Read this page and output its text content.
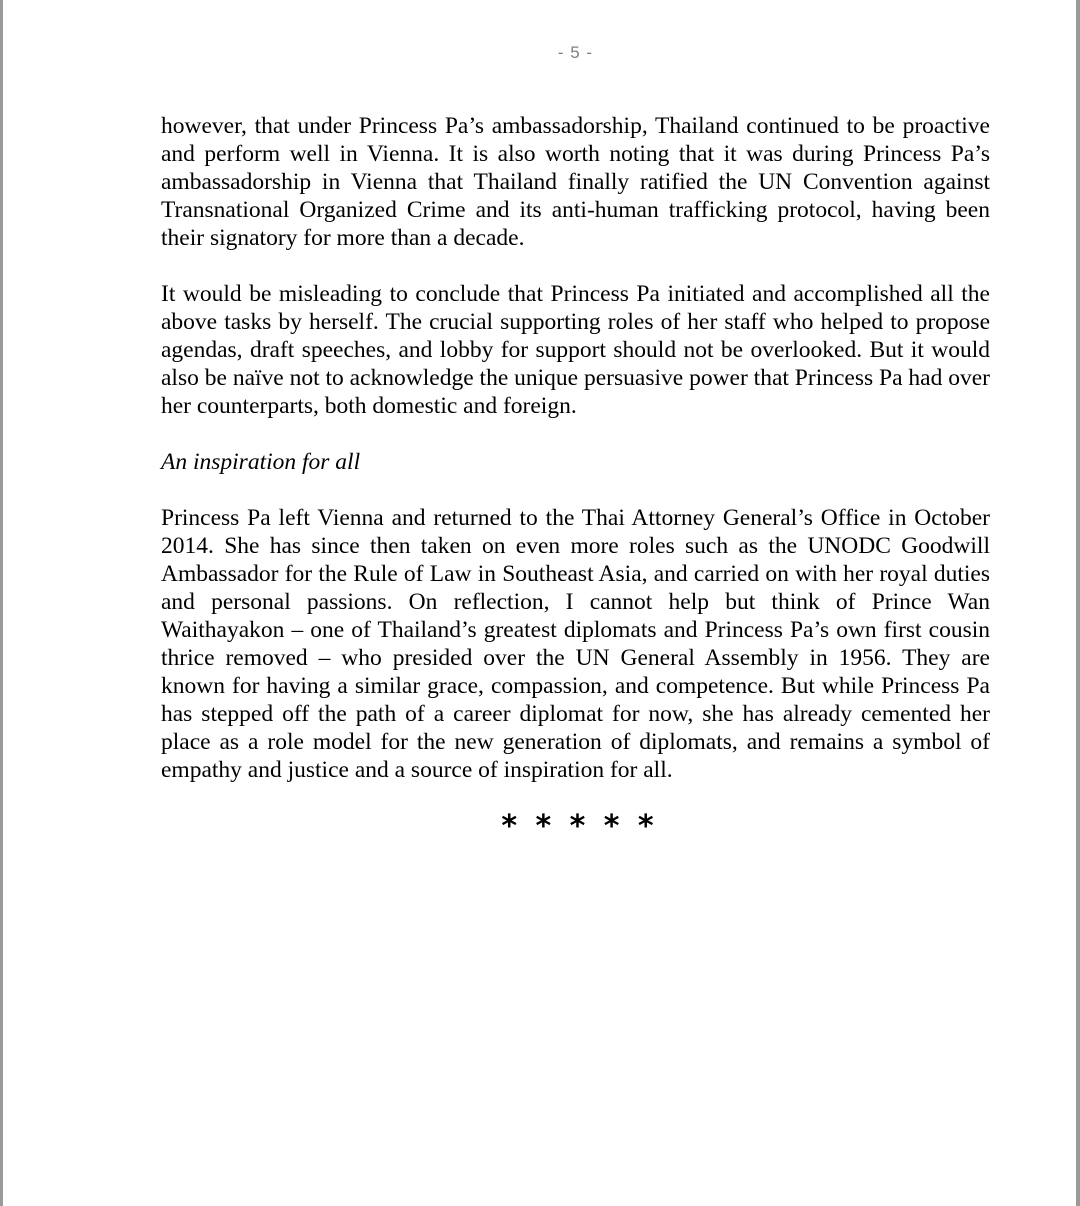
- 5 -

however, that under Princess Pa’s ambassadorship, Thailand continued to be proactive and perform well in Vienna. It is also worth noting that it was during Princess Pa’s ambassadorship in Vienna that Thailand finally ratified the UN Convention against Transnational Organized Crime and its anti-human trafficking protocol, having been their signatory for more than a decade.

It would be misleading to conclude that Princess Pa initiated and accomplished all the above tasks by herself. The crucial supporting roles of her staff who helped to propose agendas, draft speeches, and lobby for support should not be overlooked. But it would also be naïve not to acknowledge the unique persuasive power that Princess Pa had over her counterparts, both domestic and foreign.

An inspiration for all

Princess Pa left Vienna and returned to the Thai Attorney General’s Office in October 2014. She has since then taken on even more roles such as the UNODC Goodwill Ambassador for the Rule of Law in Southeast Asia, and carried on with her royal duties and personal passions. On reflection, I cannot help but think of Prince Wan Waithayakon – one of Thailand’s greatest diplomats and Princess Pa’s own first cousin thrice removed – who presided over the UN General Assembly in 1956. They are known for having a similar grace, compassion, and competence. But while Princess Pa has stepped off the path of a career diplomat for now, she has already cemented her place as a role model for the new generation of diplomats, and remains a symbol of empathy and justice and a source of inspiration for all.

* * * * *
